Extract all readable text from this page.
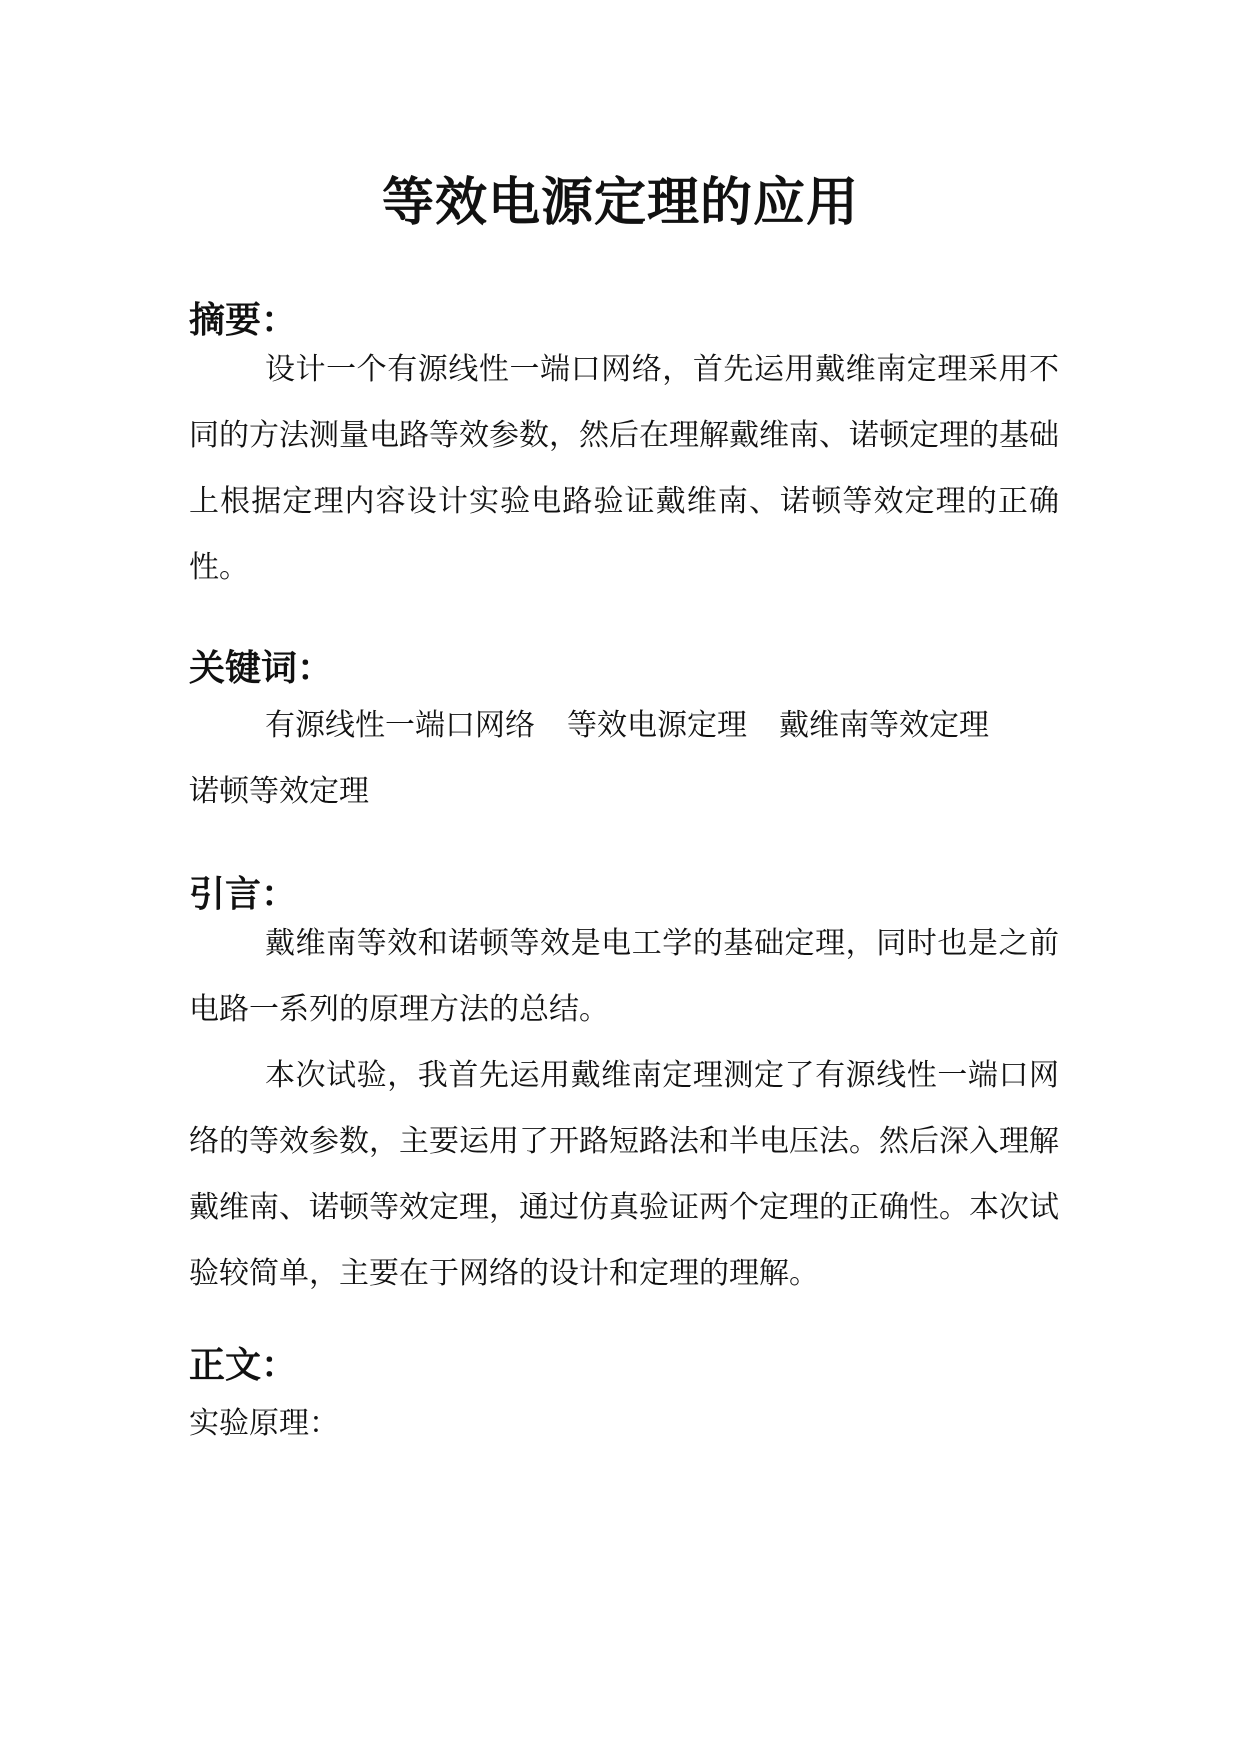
等效电源定理的应用
摘要：
设计一个有源线性一端口网络，首先运用戴维南定理采用不同的方法测量电路等效参数，然后在理解戴维南、诺顿定理的基础上根据定理内容设计实验电路验证戴维南、诺顿等效定理的正确性。
关键词：
有源线性一端口网络 等效电源定理 戴维南等效定理
诺顿等效定理
引言：
戴维南等效和诺顿等效是电工学的基础定理，同时也是之前电路一系列的原理方法的总结。
本次试验，我首先运用戴维南定理测定了有源线性一端口网络的等效参数，主要运用了开路短路法和半电压法。然后深入理解戴维南、诺顿等效定理，通过仿真验证两个定理的正确性。本次试验较简单，主要在于网络的设计和定理的理解。
正文：
实验原理：
